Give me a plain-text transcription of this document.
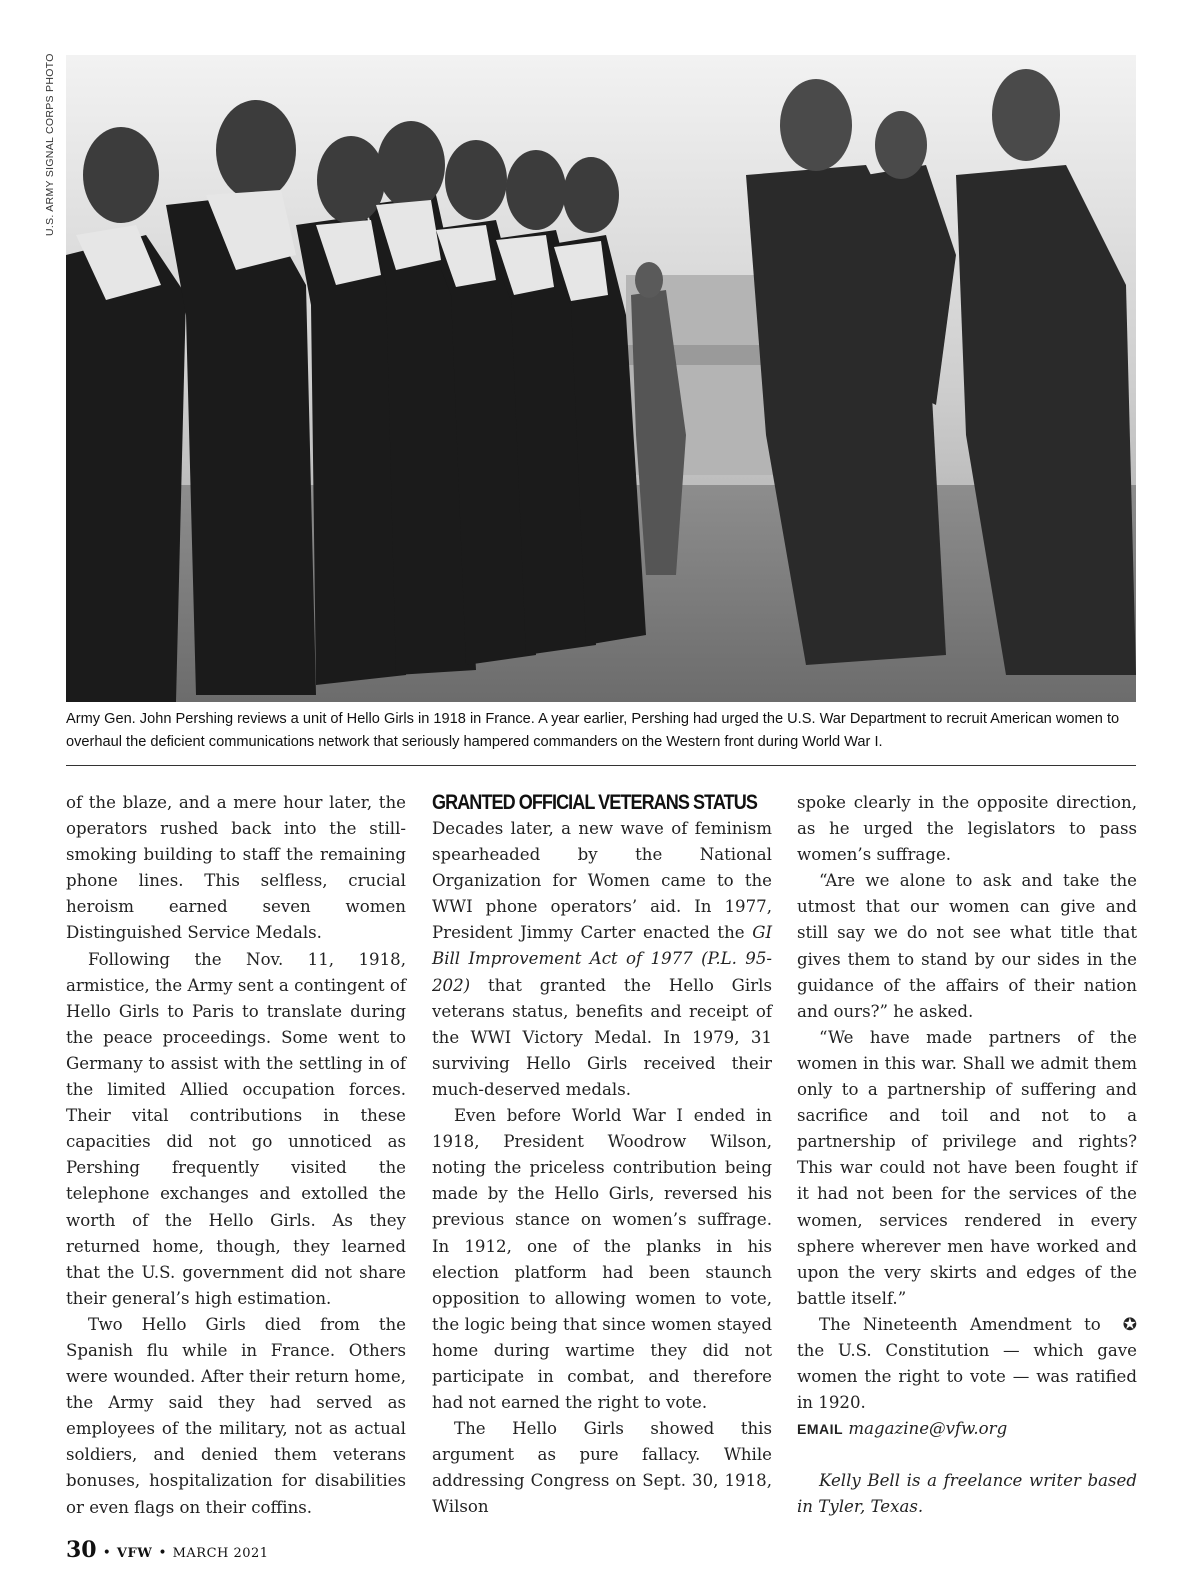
U.S. ARMY SIGNAL CORPS PHOTO
Army Gen. John Pershing reviews a unit of Hello Girls in 1918 in France. A year earlier, Pershing had urged the U.S. War Department to recruit American women to overhaul the deficient communications network that seriously hampered commanders on the Western front during World War I.

of the blaze, and a mere hour later, the operators rushed back into the still-smoking building to staff the remaining phone lines. This selfless, crucial heroism earned seven women Distinguished Service Medals.

Following the Nov. 11, 1918, armistice, the Army sent a contingent of Hello Girls to Paris to translate during the peace proceedings. Some went to Germany to assist with the settling in of the limited Allied occupation forces. Their vital contributions in these capacities did not go unnoticed as Pershing frequently visited the telephone exchanges and extolled the worth of the Hello Girls. As they returned home, though, they learned that the U.S. government did not share their general’s high estimation.

Two Hello Girls died from the Spanish flu while in France. Others were wounded. After their return home, the Army said they had served as employees of the military, not as actual soldiers, and denied them veterans bonuses, hospitalization for disabilities or even flags on their coffins.

GRANTED OFFICIAL VETERANS STATUS

Decades later, a new wave of feminism spearheaded by the National Organization for Women came to the WWI phone operators’ aid. In 1977, President Jimmy Carter enacted the GI Bill Improvement Act of 1977 (P.L. 95-202) that granted the Hello Girls veterans status, benefits and receipt of the WWI Victory Medal. In 1979, 31 surviving Hello Girls received their much-deserved medals.

Even before World War I ended in 1918, President Woodrow Wilson, noting the priceless contribution being made by the Hello Girls, reversed his previous stance on women’s suffrage. In 1912, one of the planks in his election platform had been staunch opposition to allowing women to vote, the logic being that since women stayed home during wartime they did not participate in combat, and therefore had not earned the right to vote.

The Hello Girls showed this argument as pure fallacy. While addressing Congress on Sept. 30, 1918, Wilson

spoke clearly in the opposite direction, as he urged the legislators to pass women’s suffrage.

“Are we alone to ask and take the utmost that our women can give and still say we do not see what title that gives them to stand by our sides in the guidance of the affairs of their nation and ours?” he asked.

“We have made partners of the women in this war. Shall we admit them only to a partnership of suffering and sacrifice and toil and not to a partnership of privilege and rights? This war could not have been fought if it had not been for the services of the women, services rendered in every sphere wherever men have worked and upon the very skirts and edges of the battle itself.”

✪
The Nineteenth Amendment to the U.S. Constitution — which gave women the right to vote — was ratified in 1920.

EMAIL magazine@vfw.org

Kelly Bell is a freelance writer based in Tyler, Texas.

30 • VFW • MARCH 2021
